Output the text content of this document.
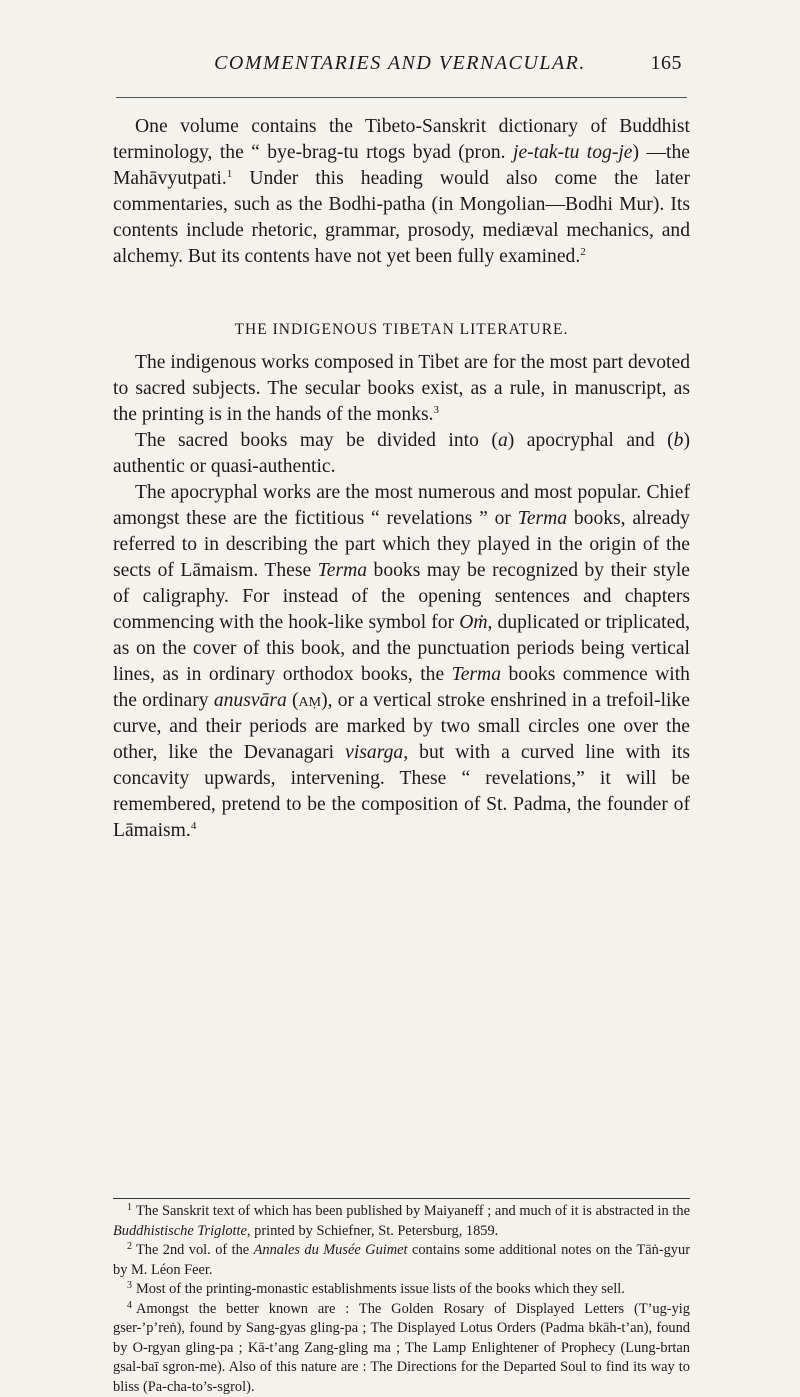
COMMENTARIES AND VERNACULAR.	165

One volume contains the Tibeto-Sanskrit dictionary of Buddhist terminology, the “ bye-brag-tu rtogs byad (pron. je-tak-tu tog-je) —the Mahāvyutpati.$^1$ Under this heading would also come the later commentaries, such as the Bodhi-patha (in Mongolian—Bodhi Mur). Its contents include rhetoric, grammar, prosody, mediæval mechanics, and alchemy. But its contents have not yet been fully examined.$^2$

THE INDIGENOUS TIBETAN LITERATURE.

The indigenous works composed in Tibet are for the most part devoted to sacred subjects. The secular books exist, as a rule, in manuscript, as the printing is in the hands of the monks.$^3$

The sacred books may be divided into (a) apocryphal and (b) authentic or quasi-authentic.

The apocryphal works are the most numerous and most popular. Chief amongst these are the fictitious “ revelations ” or Terma books, already referred to in describing the part which they played in the origin of the sects of Lāmaism. These Terma books may be recognized by their style of caligraphy. For instead of the opening sentences and chapters commencing with the hook-like symbol for Oṁ, duplicated or triplicated, as on the cover of this book, and the punctuation periods being vertical lines, as in ordinary orthodox books, the Terma books commence with the ordinary anusvāra (aṃ), or a vertical stroke enshrined in a trefoil-like curve, and their periods are marked by two small circles one over the other, like the Devanagari visarga, but with a curved line with its concavity upwards, intervening. These “ revelations,” it will be remembered, pretend to be the composition of St. Padma, the founder of Lāmaism.$^4$

$^1$ The Sanskrit text of which has been published by Maiyaneff ; and much of it is abstracted in the Buddhistische Triglotte, printed by Schiefner, St. Petersburg, 1859.

$^2$ The 2nd vol. of the Annales du Musée Guimet contains some additional notes on the Tāṅ-gyur by M. Léon Feer.

$^3$ Most of the printing-monastic establishments issue lists of the books which they sell.

$^4$ Amongst the better known are : The Golden Rosary of Displayed Letters (T’ug-yig gser-’p’reṅ), found by Sang-gyas gling-pa ; The Displayed Lotus Orders (Padma bkāh-t’an), found by O-rgyan gling-pa ; Kā-t’ang Zang-gling ma ; The Lamp Enlightener of Prophecy (Lung-brtan gsal-baī sgron-me). Also of this nature are : The Directions for the Departed Soul to find its way to bliss (Pa-cha-to’s-sgrol).
